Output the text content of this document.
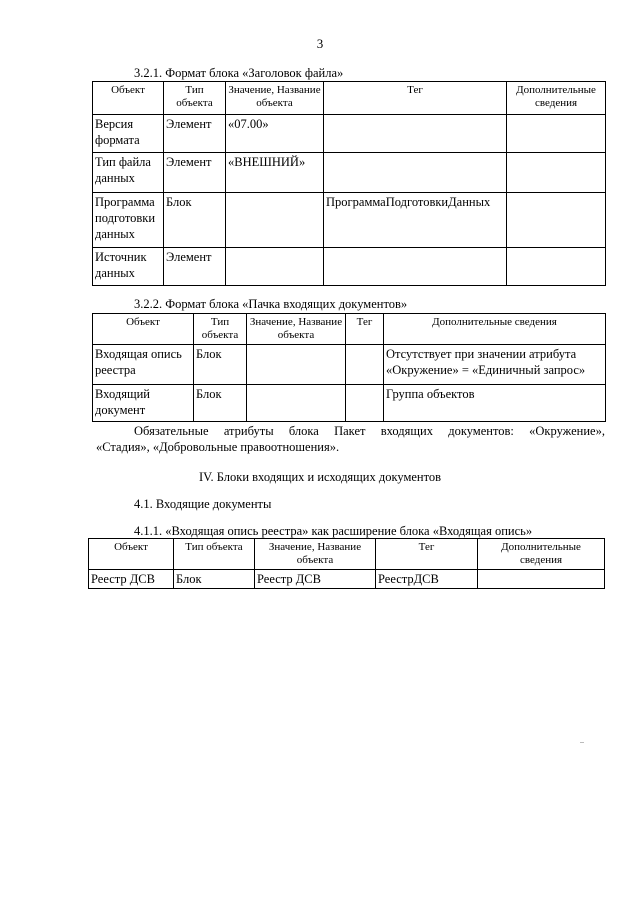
3
3.2.1. Формат блока «Заголовок файла»
Объект	Тип объекта	Значение, Название объекта	Тег	Дополнительные сведения
Версия формата	Элемент	«07.00»		
Тип файла данных	Элемент	«ВНЕШНИЙ»		
Программа подготовки данных	Блок		ПрограммаПодготовкиДанных	
Источник данных	Элемент			
3.2.2. Формат блока «Пачка входящих документов»
Объект	Тип объекта	Значение, Название объекта	Тег	Дополнительные сведения
Входящая опись реестра	Блок			Отсутствует при значении атрибута «Окружение» = «Единичный запрос»
Входящий документ	Блок			Группа объектов
Обязательные атрибуты блока Пакет входящих документов: «Окружение»,
«Стадия», «Добровольные правоотношения».
IV. Блоки входящих и исходящих документов
4.1. Входящие документы
4.1.1. «Входящая опись реестра» как расширение блока «Входящая опись»
Объект	Тип объекта	Значение, Название объекта	Тег	Дополнительные сведения
Реестр ДСВ	Блок	Реестр ДСВ	РеестрДСВ	
